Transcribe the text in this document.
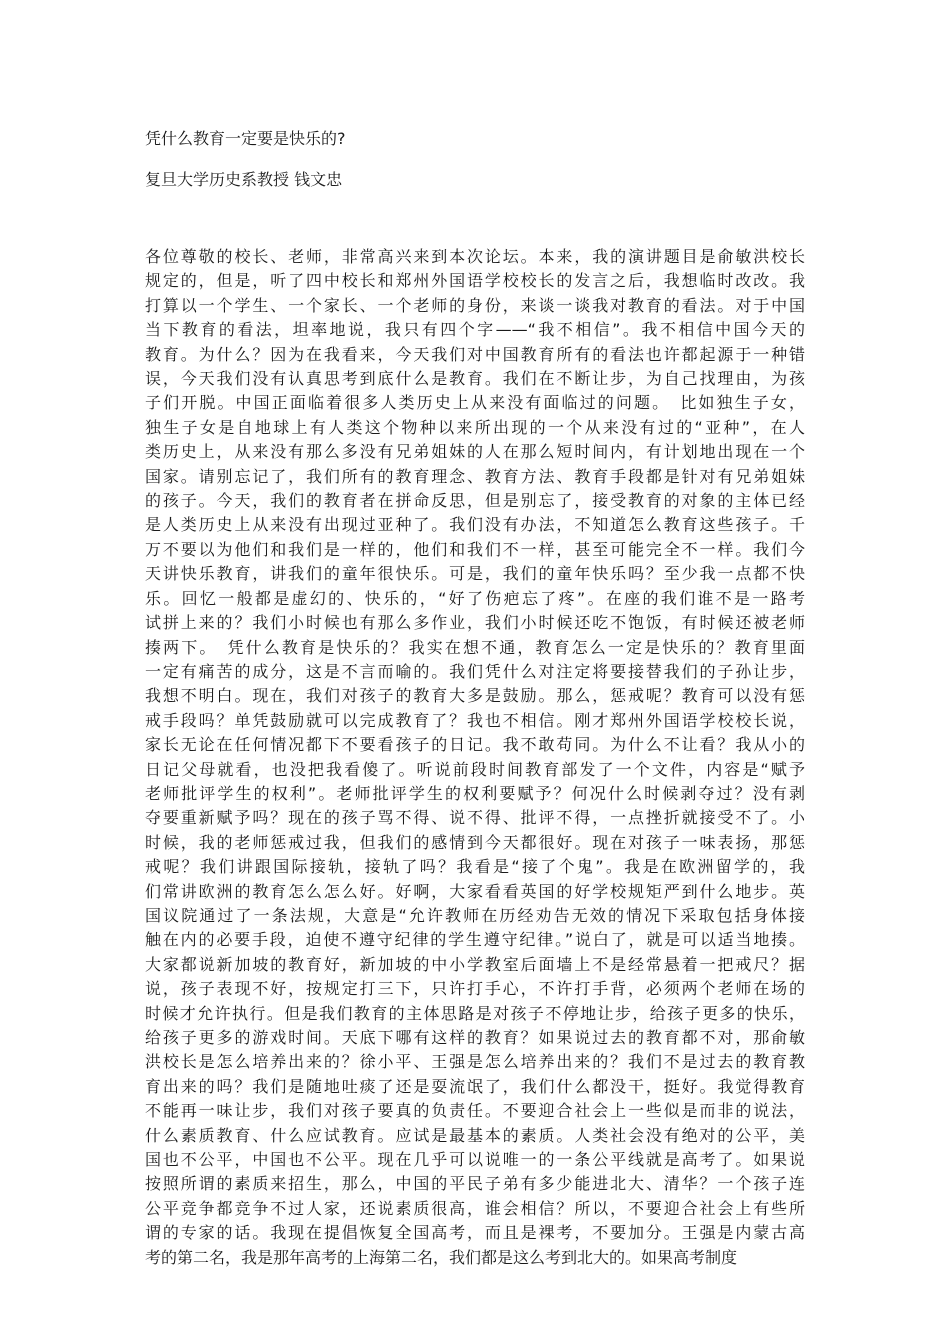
凭什么教育一定要是快乐的?
复旦大学历史系教授 钱文忠
各位尊敬的校长、老师，非常高兴来到本次论坛。本来，我的演讲题目是俞敏洪校长
规定的，但是，听了四中校长和郑州外国语学校校长的发言之后，我想临时改改。我
打算以一个学生、一个家长、一个老师的身份，来谈一谈我对教育的看法。对于中国
当下教育的看法，坦率地说，我只有四个字——“我不相信”。我不相信中国今天的
教育。为什么？因为在我看来，今天我们对中国教育所有的看法也许都起源于一种错
误，今天我们没有认真思考到底什么是教育。我们在不断让步，为自己找理由，为孩
子们开脱。中国正面临着很多人类历史上从来没有面临过的问题。　比如独生子女，
独生子女是自地球上有人类这个物种以来所出现的一个从来没有过的“亚种”，在人
类历史上，从来没有那么多没有兄弟姐妹的人在那么短时间内，有计划地出现在一个
国家。请别忘记了，我们所有的教育理念、教育方法、教育手段都是针对有兄弟姐妹
的孩子。今天，我们的教育者在拼命反思，但是别忘了，接受教育的对象的主体已经
是人类历史上从来没有出现过亚种了。我们没有办法，不知道怎么教育这些孩子。千
万不要以为他们和我们是一样的，他们和我们不一样，甚至可能完全不一样。我们今
天讲快乐教育，讲我们的童年很快乐。可是，我们的童年快乐吗？至少我一点都不快
乐。回忆一般都是虚幻的、快乐的，“好了伤疤忘了疼”。在座的我们谁不是一路考
试拼上来的？我们小时候也有那么多作业，我们小时候还吃不饱饭，有时候还被老师
揍两下。　凭什么教育是快乐的？我实在想不通，教育怎么一定是快乐的？教育里面
一定有痛苦的成分，这是不言而喻的。我们凭什么对注定将要接替我们的子孙让步，
我想不明白。现在，我们对孩子的教育大多是鼓励。那么，惩戒呢？教育可以没有惩
戒手段吗？单凭鼓励就可以完成教育了？我也不相信。刚才郑州外国语学校校长说，
家长无论在任何情况都下不要看孩子的日记。我不敢苟同。为什么不让看？我从小的
日记父母就看，也没把我看傻了。听说前段时间教育部发了一个文件，内容是“赋予
老师批评学生的权利”。老师批评学生的权利要赋予？何况什么时候剥夺过？没有剥
夺要重新赋予吗？现在的孩子骂不得、说不得、批评不得，一点挫折就接受不了。小
时候，我的老师惩戒过我，但我们的感情到今天都很好。现在对孩子一味表扬，那惩
戒呢？我们讲跟国际接轨，接轨了吗？我看是“接了个鬼”。我是在欧洲留学的，我
们常讲欧洲的教育怎么怎么好。好啊，大家看看英国的好学校规矩严到什么地步。英
国议院通过了一条法规，大意是“允许教师在历经劝告无效的情况下采取包括身体接
触在内的必要手段，迫使不遵守纪律的学生遵守纪律。”说白了，就是可以适当地揍。
大家都说新加坡的教育好，新加坡的中小学教室后面墙上不是经常悬着一把戒尺？据
说，孩子表现不好，按规定打三下，只许打手心，不许打手背，必须两个老师在场的
时候才允许执行。但是我们教育的主体思路是对孩子不停地让步，给孩子更多的快乐，
给孩子更多的游戏时间。天底下哪有这样的教育？如果说过去的教育都不对，那俞敏
洪校长是怎么培养出来的？徐小平、王强是怎么培养出来的？我们不是过去的教育教
育出来的吗？我们是随地吐痰了还是耍流氓了，我们什么都没干，挺好。我觉得教育
不能再一味让步，我们对孩子要真的负责任。不要迎合社会上一些似是而非的说法，
什么素质教育、什么应试教育。应试是最基本的素质。人类社会没有绝对的公平，美
国也不公平，中国也不公平。现在几乎可以说唯一的一条公平线就是高考了。如果说
按照所谓的素质来招生，那么，中国的平民子弟有多少能进北大、清华？一个孩子连
公平竞争都竞争不过人家，还说素质很高，谁会相信？所以，不要迎合社会上有些所
谓的专家的话。我现在提倡恢复全国高考，而且是裸考，不要加分。王强是内蒙古高
考的第二名，我是那年高考的上海第二名，我们都是这么考到北大的。如果高考制度
